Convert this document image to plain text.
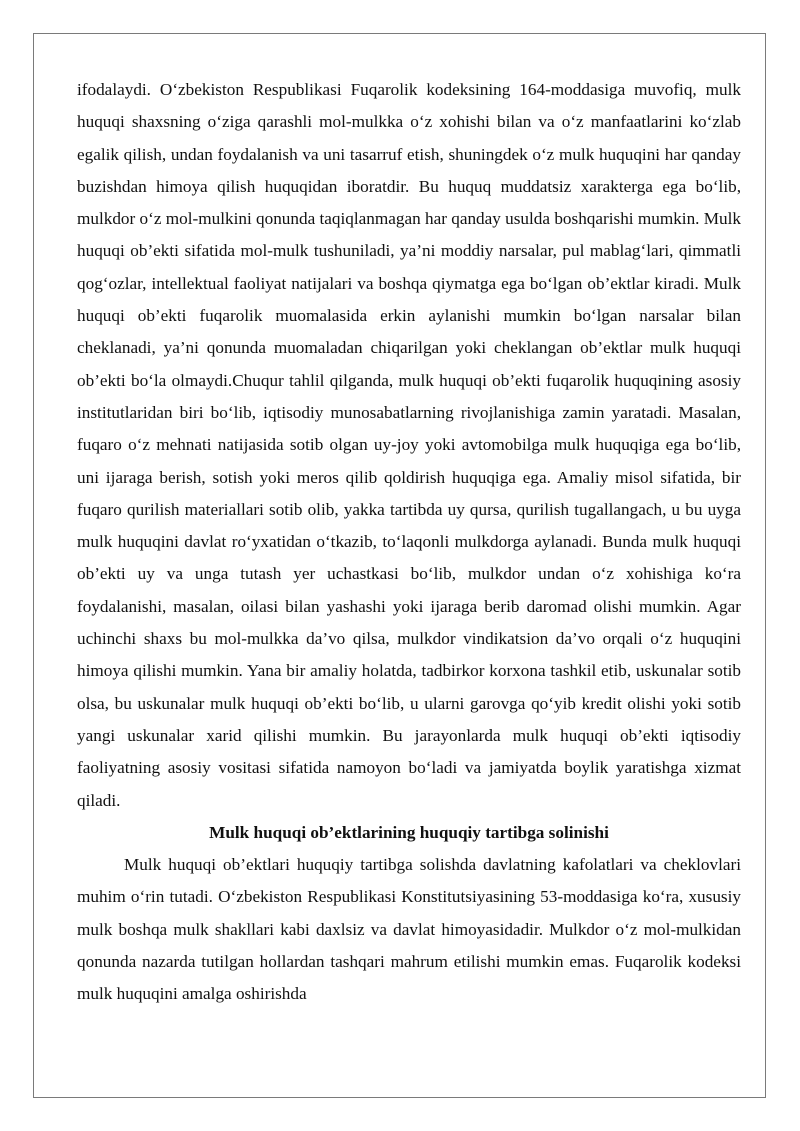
ifodalaydi. O‘zbekiston Respublikasi Fuqarolik kodeksining 164-moddasiga muvofiq, mulk huquqi shaxsning o‘ziga qarashli mol-mulkka o‘z xohishi bilan va o‘z manfaatlarini ko‘zlab egalik qilish, undan foydalanish va uni tasarruf etish, shuningdek o‘z mulk huquqini har qanday buzishdan himoya qilish huquqidan iboratdir. Bu huquq muddatsiz xarakterga ega bo‘lib, mulkdor o‘z mol-mulkini qonunda taqiqlanmagan har qanday usulda boshqarishi mumkin. Mulk huquqi ob’ekti sifatida mol-mulk tushuniladi, ya’ni moddiy narsalar, pul mablag‘lari, qimmatli qog‘ozlar, intellektual faoliyat natijalari va boshqa qiymatga ega bo‘lgan ob’ektlar kiradi. Mulk huquqi ob’ekti fuqarolik muomalasida erkin aylanishi mumkin bo‘lgan narsalar bilan cheklanadi, ya’ni qonunda muomaladan chiqarilgan yoki cheklangan ob’ektlar mulk huquqi ob’ekti bo‘la olmaydi.Chuqur tahlil qilganda, mulk huquqi ob’ekti fuqarolik huquqining asosiy institutlaridan biri bo‘lib, iqtisodiy munosabatlarning rivojlanishiga zamin yaratadi. Masalan, fuqaro o‘z mehnati natijasida sotib olgan uy-joy yoki avtomobilga mulk huquqiga ega bo‘lib, uni ijaraga berish, sotish yoki meros qilib qoldirish huquqiga ega. Amaliy misol sifatida, bir fuqaro qurilish materiallari sotib olib, yakka tartibda uy qursa, qurilish tugallangach, u bu uyga mulk huquqini davlat ro‘yxatidan o‘tkazib, to‘laqonli mulkdorga aylanadi. Bunda mulk huquqi ob’ekti uy va unga tutash yer uchastkasi bo‘lib, mulkdor undan o‘z xohishiga ko‘ra foydalanishi, masalan, oilasi bilan yashashi yoki ijaraga berib daromad olishi mumkin. Agar uchinchi shaxs bu mol-mulkka da’vo qilsa, mulkdor vindikatsion da’vo orqali o‘z huquqini himoya qilishi mumkin. Yana bir amaliy holatda, tadbirkor korxona tashkil etib, uskunalar sotib olsa, bu uskunalar mulk huquqi ob’ekti bo‘lib, u ularni garovga qo‘yib kredit olishi yoki sotib yangi uskunalar xarid qilishi mumkin. Bu jarayonlarda mulk huquqi ob’ekti iqtisodiy faoliyatning asosiy vositasi sifatida namoyon bo‘ladi va jamiyatda boylik yaratishga xizmat qiladi.

Mulk huquqi ob’ektlarining huquqiy tartibga solinishi

Mulk huquqi ob’ektlari huquqiy tartibga solishda davlatning kafolatlari va cheklovlari muhim o‘rin tutadi. O‘zbekiston Respublikasi Konstitutsiyasining 53-moddasiga ko‘ra, xususiy mulk boshqa mulk shakllari kabi daxlsiz va davlat himoyasidadir. Mulkdor o‘z mol-mulkidan qonunda nazarda tutilgan hollardan tashqari mahrum etilishi mumkin emas. Fuqarolik kodeksi mulk huquqini amalga oshirishda
